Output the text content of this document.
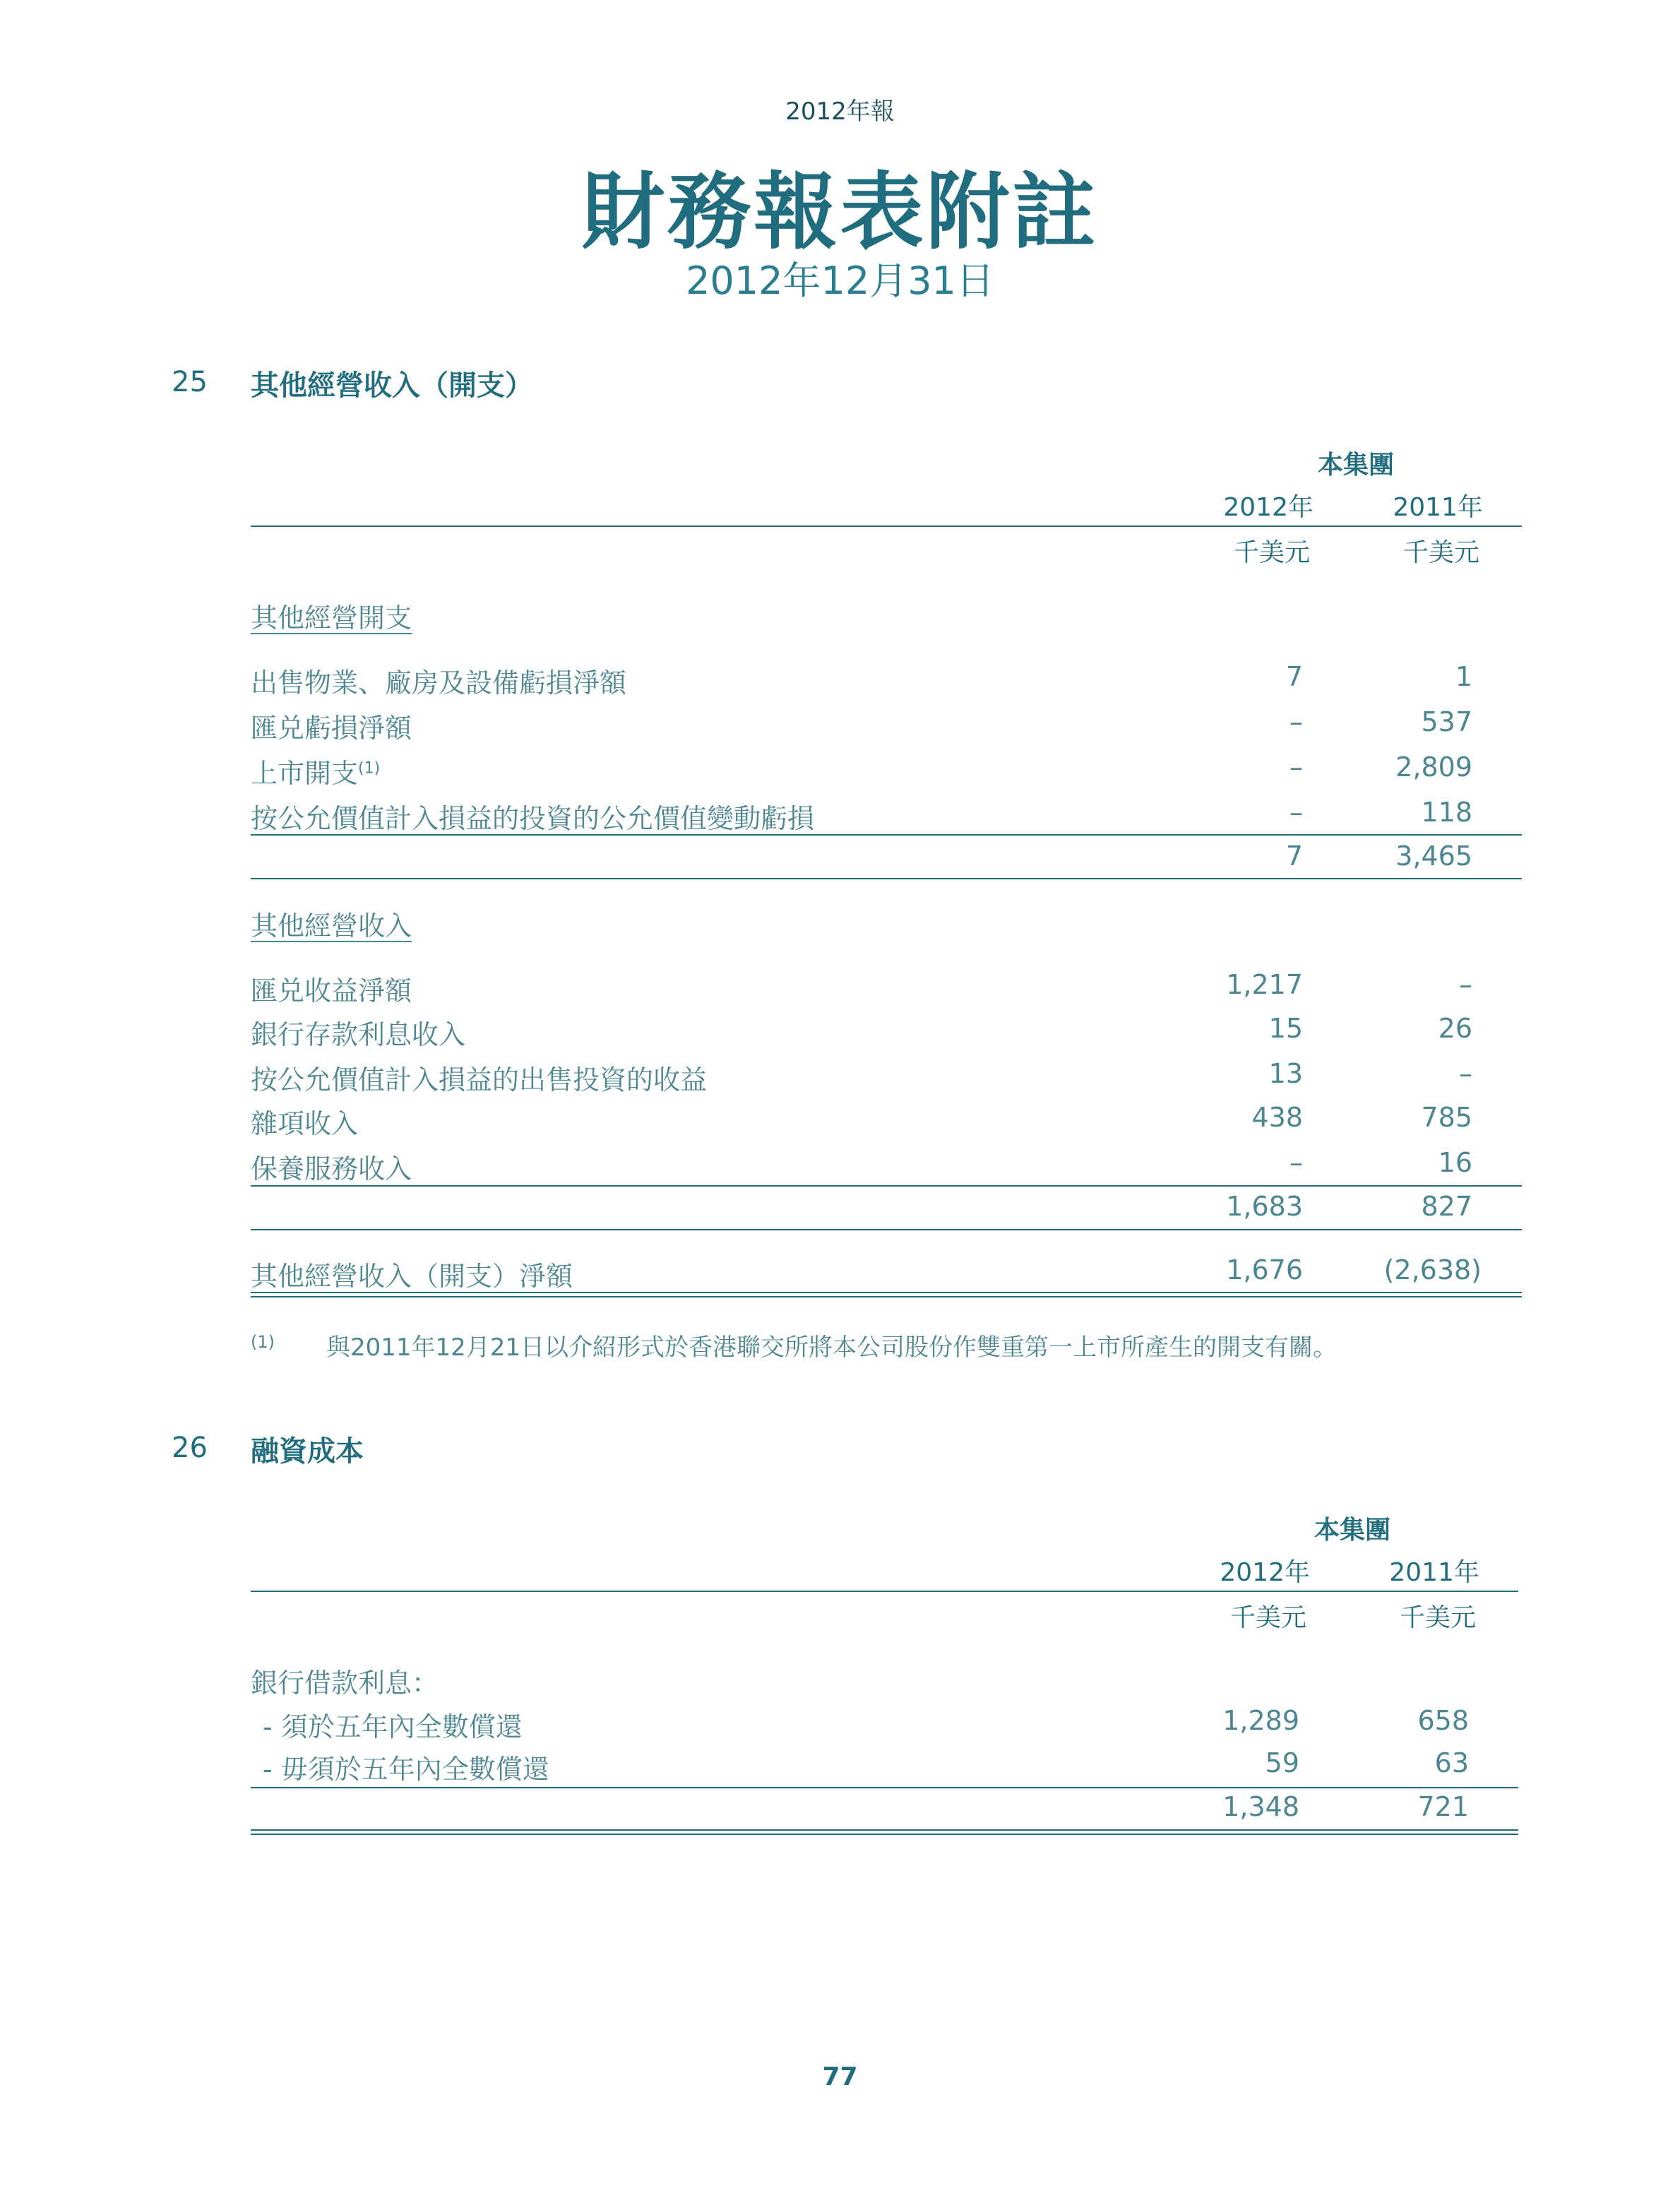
2012年報
財務報表附註
2012年12月31日
25 其他經營收入（開支）
本集團
2012年	2011年
千美元	千美元
其他經營開支
出售物業、廠房及設備虧損淨額	7	1
匯兑虧損淨額	–	537
上市開支$^{(1)}$	–	2,809
按公允價值計入損益的投資的公允價值變動虧損	–	118
7	3,465
其他經營收入
匯兑收益淨額	1,217	–
銀行存款利息收入	15	26
按公允價值計入損益的出售投資的收益	13	–
雜項收入	438	785
保養服務收入	–	16
1,683	827
其他經營收入（開支）淨額	1,676	(2,638)
(1) 與2011年12月21日以介紹形式於香港聯交所將本公司股份作雙重第一上市所產生的開支有關。
26 融資成本
本集團
2012年	2011年
千美元	千美元
銀行借款利息：
- 須於五年內全數償還	1,289	658
- 毋須於五年內全數償還	59	63
1,348	721
77
